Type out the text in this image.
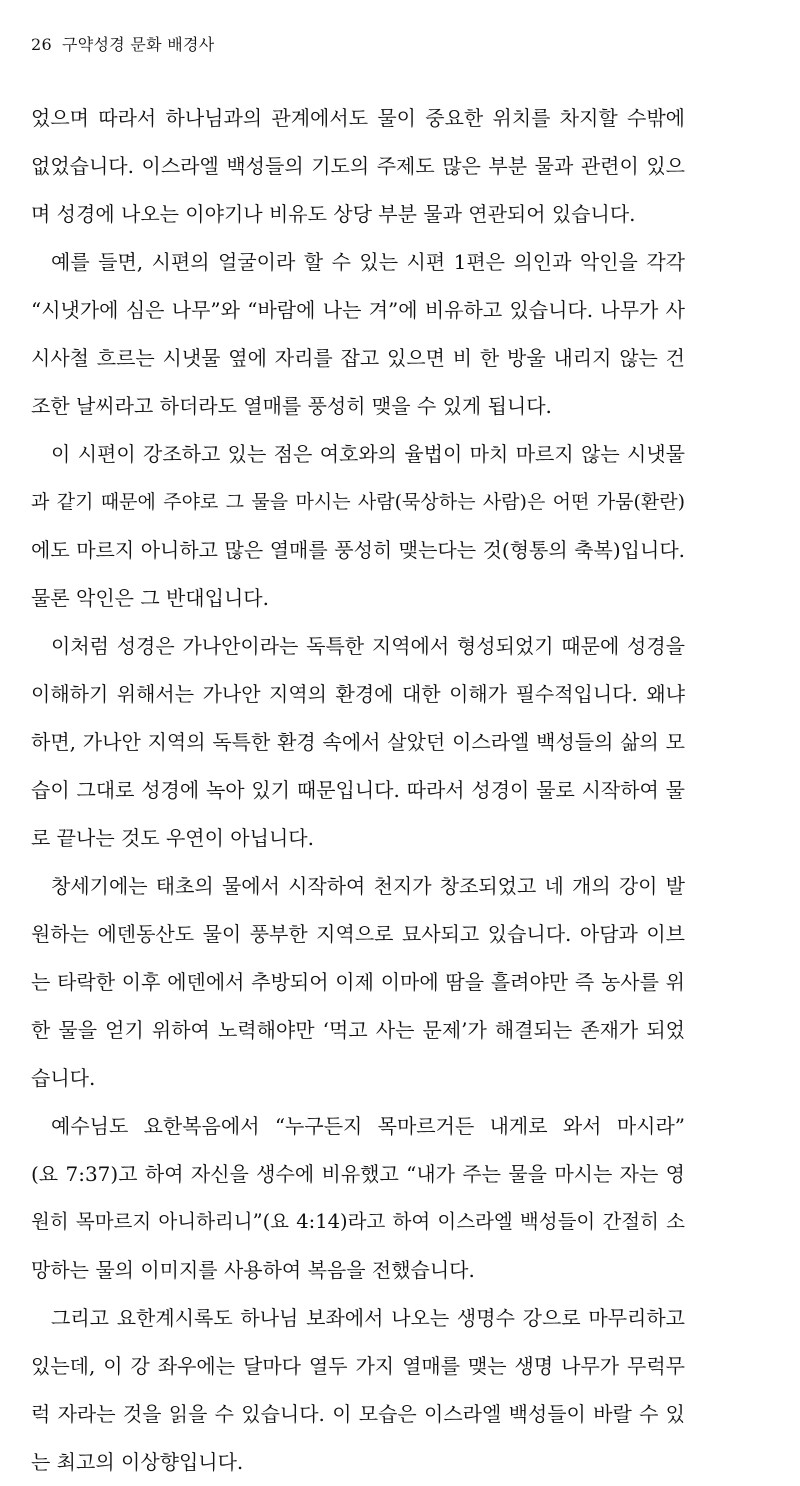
26 구약성경 문화 배경사
었으며 따라서 하나님과의 관계에서도 물이 중요한 위치를 차지할 수밖에
없었습니다. 이스라엘 백성들의 기도의 주제도 많은 부분 물과 관련이 있으
며 성경에 나오는 이야기나 비유도 상당 부분 물과 연관되어 있습니다.
예를 들면, 시편의 얼굴이라 할 수 있는 시편 1편은 의인과 악인을 각각
“시냇가에 심은 나무”와 “바람에 나는 겨”에 비유하고 있습니다. 나무가 사
시사철 흐르는 시냇물 옆에 자리를 잡고 있으면 비 한 방울 내리지 않는 건
조한 날씨라고 하더라도 열매를 풍성히 맺을 수 있게 됩니다.
이 시편이 강조하고 있는 점은 여호와의 율법이 마치 마르지 않는 시냇물
과 같기 때문에 주야로 그 물을 마시는 사람(묵상하는 사람)은 어떤 가뭄(환란)
에도 마르지 아니하고 많은 열매를 풍성히 맺는다는 것(형통의 축복)입니다.
물론 악인은 그 반대입니다.
이처럼 성경은 가나안이라는 독특한 지역에서 형성되었기 때문에 성경을
이해하기 위해서는 가나안 지역의 환경에 대한 이해가 필수적입니다. 왜냐
하면, 가나안 지역의 독특한 환경 속에서 살았던 이스라엘 백성들의 삶의 모
습이 그대로 성경에 녹아 있기 때문입니다. 따라서 성경이 물로 시작하여 물
로 끝나는 것도 우연이 아닙니다.
창세기에는 태초의 물에서 시작하여 천지가 창조되었고 네 개의 강이 발
원하는 에덴동산도 물이 풍부한 지역으로 묘사되고 있습니다. 아담과 이브
는 타락한 이후 에덴에서 추방되어 이제 이마에 땀을 흘려야만 즉 농사를 위
한 물을 얻기 위하여 노력해야만 ‘먹고 사는 문제’가 해결되는 존재가 되었
습니다.
예수님도 요한복음에서 “누구든지 목마르거든 내게로 와서 마시라”
(요 7:37)고 하여 자신을 생수에 비유했고 “내가 주는 물을 마시는 자는 영
원히 목마르지 아니하리니”(요 4:14)라고 하여 이스라엘 백성들이 간절히 소
망하는 물의 이미지를 사용하여 복음을 전했습니다.
그리고 요한계시록도 하나님 보좌에서 나오는 생명수 강으로 마무리하고
있는데, 이 강 좌우에는 달마다 열두 가지 열매를 맺는 생명 나무가 무럭무
럭 자라는 것을 읽을 수 있습니다. 이 모습은 이스라엘 백성들이 바랄 수 있
는 최고의 이상향입니다.
